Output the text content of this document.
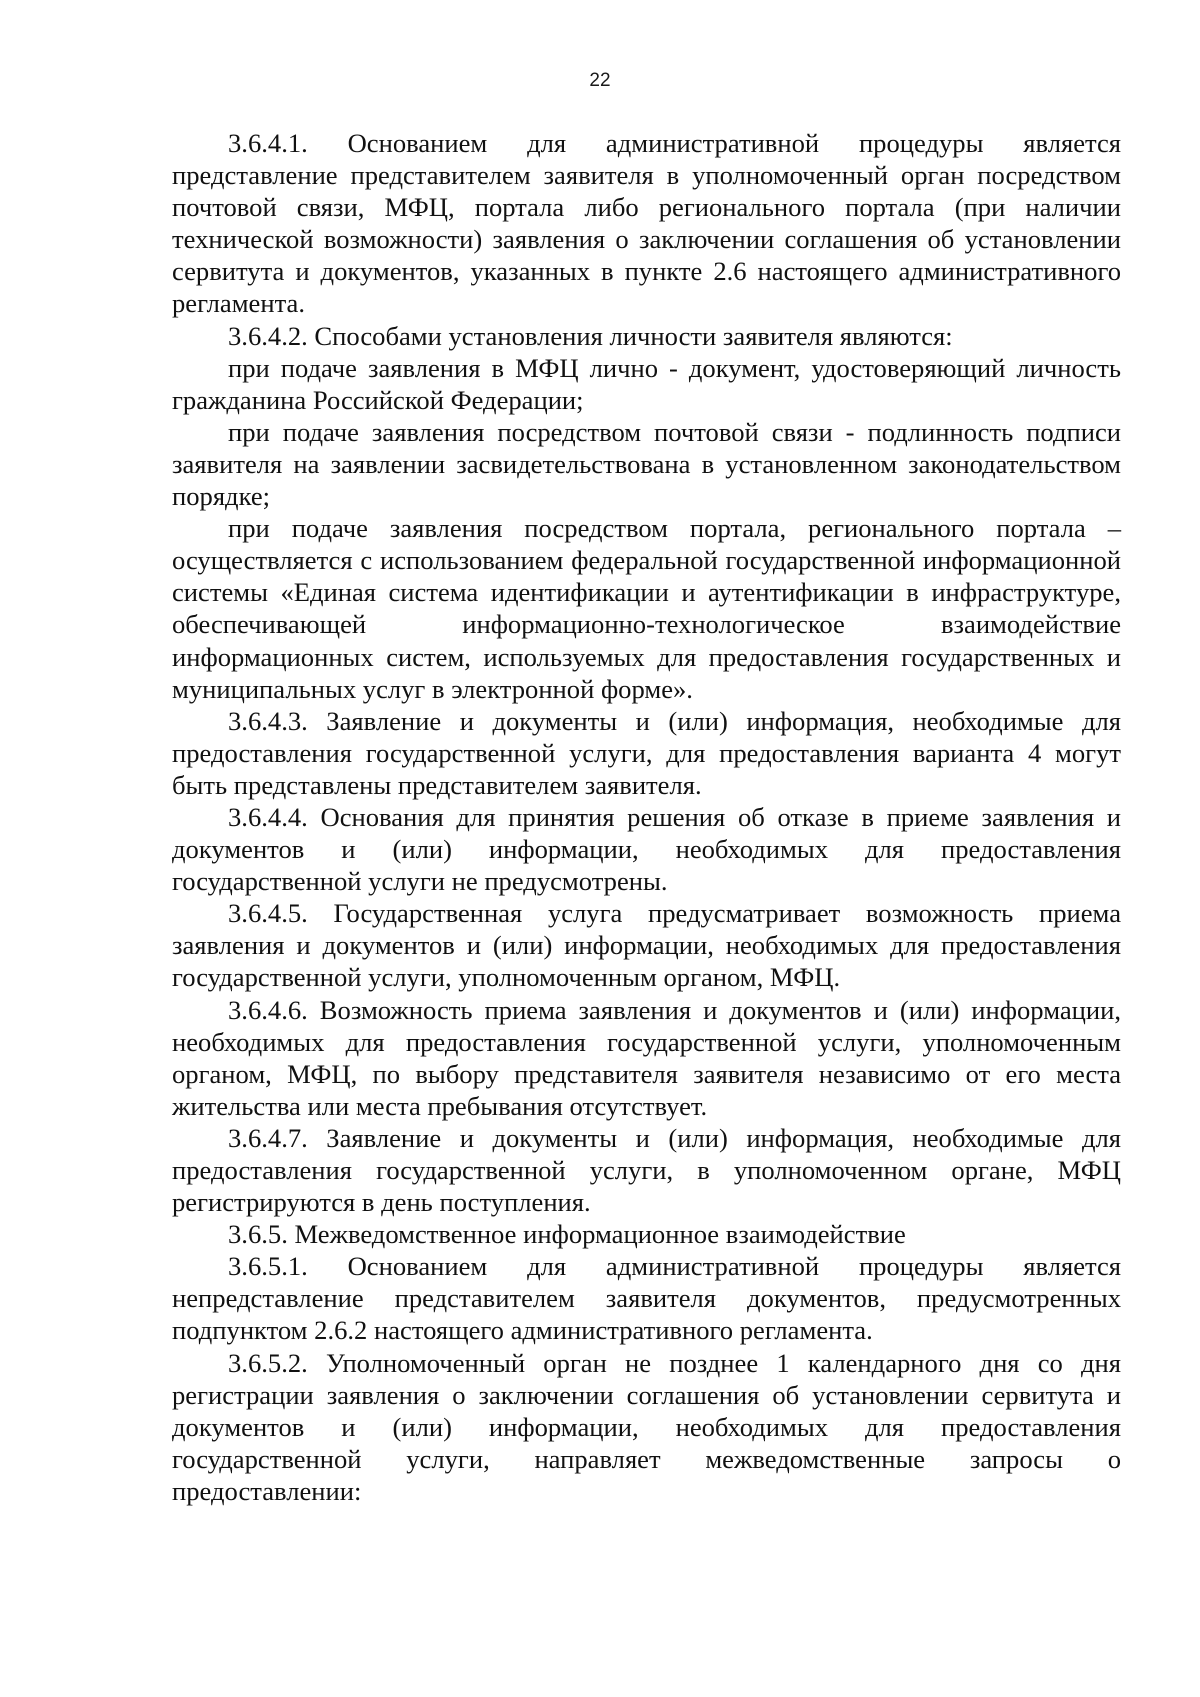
22

3.6.4.1. Основанием для административной процедуры является представление представителем заявителя в уполномоченный орган посредством почтовой связи, МФЦ, портала либо регионального портала (при наличии технической возможности) заявления о заключении соглашения об установлении сервитута и документов, указанных в пункте 2.6 настоящего административного регламента.

3.6.4.2. Способами установления личности заявителя являются:

при подаче заявления в МФЦ лично - документ, удостоверяющий личность гражданина Российской Федерации;

при подаче заявления посредством почтовой связи - подлинность подписи заявителя на заявлении засвидетельствована в установленном законодательством порядке;

при подаче заявления посредством портала, регионального портала – осуществляется с использованием федеральной государственной информационной системы «Единая система идентификации и аутентификации в инфраструктуре, обеспечивающей информационно-технологическое взаимодействие информационных систем, используемых для предоставления государственных и муниципальных услуг в электронной форме».

3.6.4.3. Заявление и документы и (или) информация, необходимые для предоставления государственной услуги, для предоставления варианта 4 могут быть представлены представителем заявителя.

3.6.4.4. Основания для принятия решения об отказе в приеме заявления и документов и (или) информации, необходимых для предоставления государственной услуги не предусмотрены.

3.6.4.5. Государственная услуга предусматривает возможность приема заявления и документов и (или) информации, необходимых для предоставления государственной услуги, уполномоченным органом, МФЦ.

3.6.4.6. Возможность приема заявления и документов и (или) информации, необходимых для предоставления государственной услуги, уполномоченным органом, МФЦ, по выбору представителя заявителя независимо от его места жительства или места пребывания отсутствует.

3.6.4.7. Заявление и документы и (или) информация, необходимые для предоставления государственной услуги, в уполномоченном органе, МФЦ регистрируются в день поступления.

3.6.5. Межведомственное информационное взаимодействие

3.6.5.1. Основанием для административной процедуры является непредставление представителем заявителя документов, предусмотренных подпунктом 2.6.2 настоящего административного регламента.

3.6.5.2. Уполномоченный орган не позднее 1 календарного дня со дня регистрации заявления о заключении соглашения об установлении сервитута и документов и (или) информации, необходимых для предоставления государственной услуги, направляет межведомственные запросы о предоставлении:
